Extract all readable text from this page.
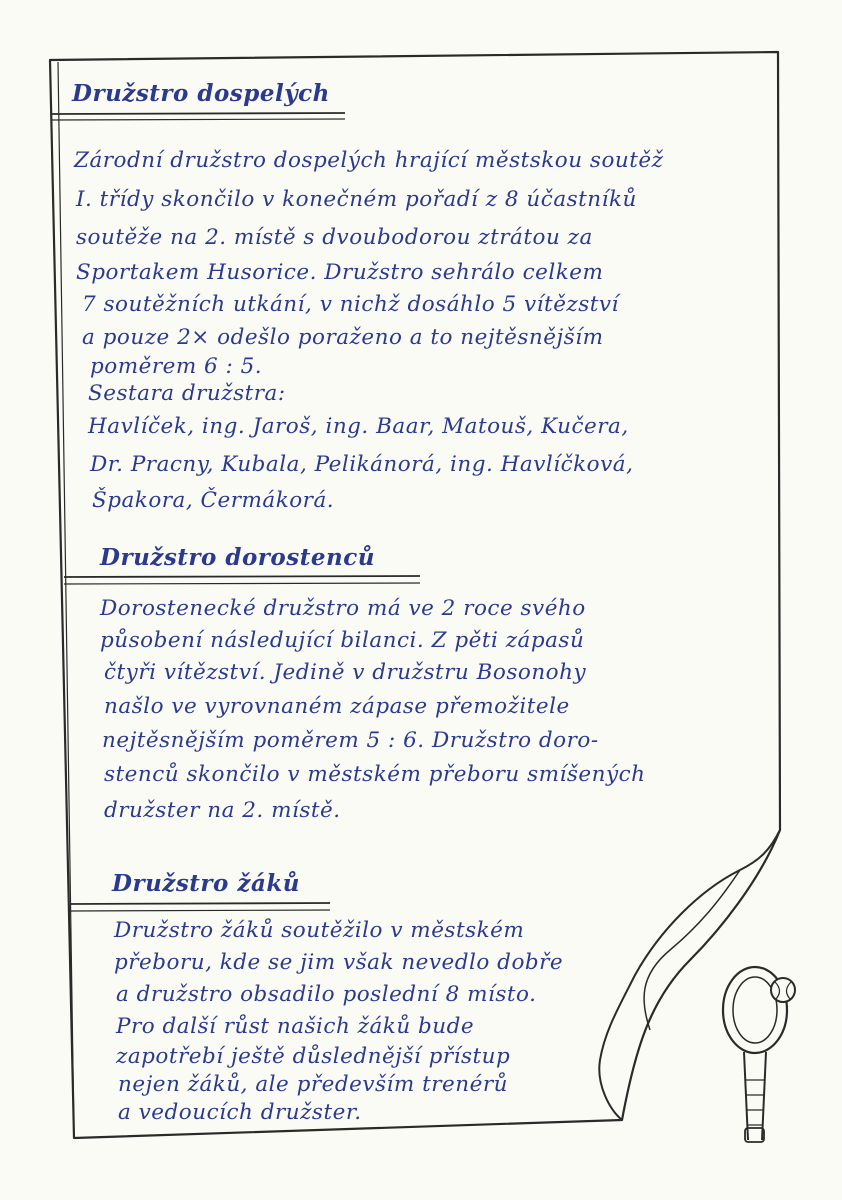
Družstro dospelých

Zárodní družstro dospelých hrající městskou soutěž

I. třídy skončilo v konečném pořadí z 8 účastníků

soutěže na 2. místě s dvoubodorou ztrátou za

Sportakem Husorice. Družstro sehrálo celkem

7 soutěžních utkání, v nichž dosáhlo 5 vítězství

a pouze 2× odešlo poraženo a to nejtěsnějším

poměrem 6 : 5.

Sestara družstra:

Havlíček, ing. Jaroš, ing. Baar, Matouš, Kučera,

Dr. Pracny, Kubala, Pelikánorá, ing. Havlíčková,

Špakora, Čermákorá.

Družstro dorostenců

Dorostenecké družstro má ve 2 roce svého

působení následující bilanci. Z pěti zápasů

čtyři vítězství. Jedině v družstru Bosonohy

našlo ve vyrovnaném zápase přemožitele

nejtěsnějším poměrem 5 : 6. Družstro doro-

stenců skončilo v městském přeboru smíšených

družster na 2. místě.

Družstro žáků

Družstro žáků soutěžilo v městském

přeboru, kde se jim však nevedlo dobře

a družstro obsadilo poslední 8 místo.

Pro další růst našich žáků bude

zapotřebí ještě důslednější přístup

nejen žáků, ale především trenérů

a vedoucích družster.
